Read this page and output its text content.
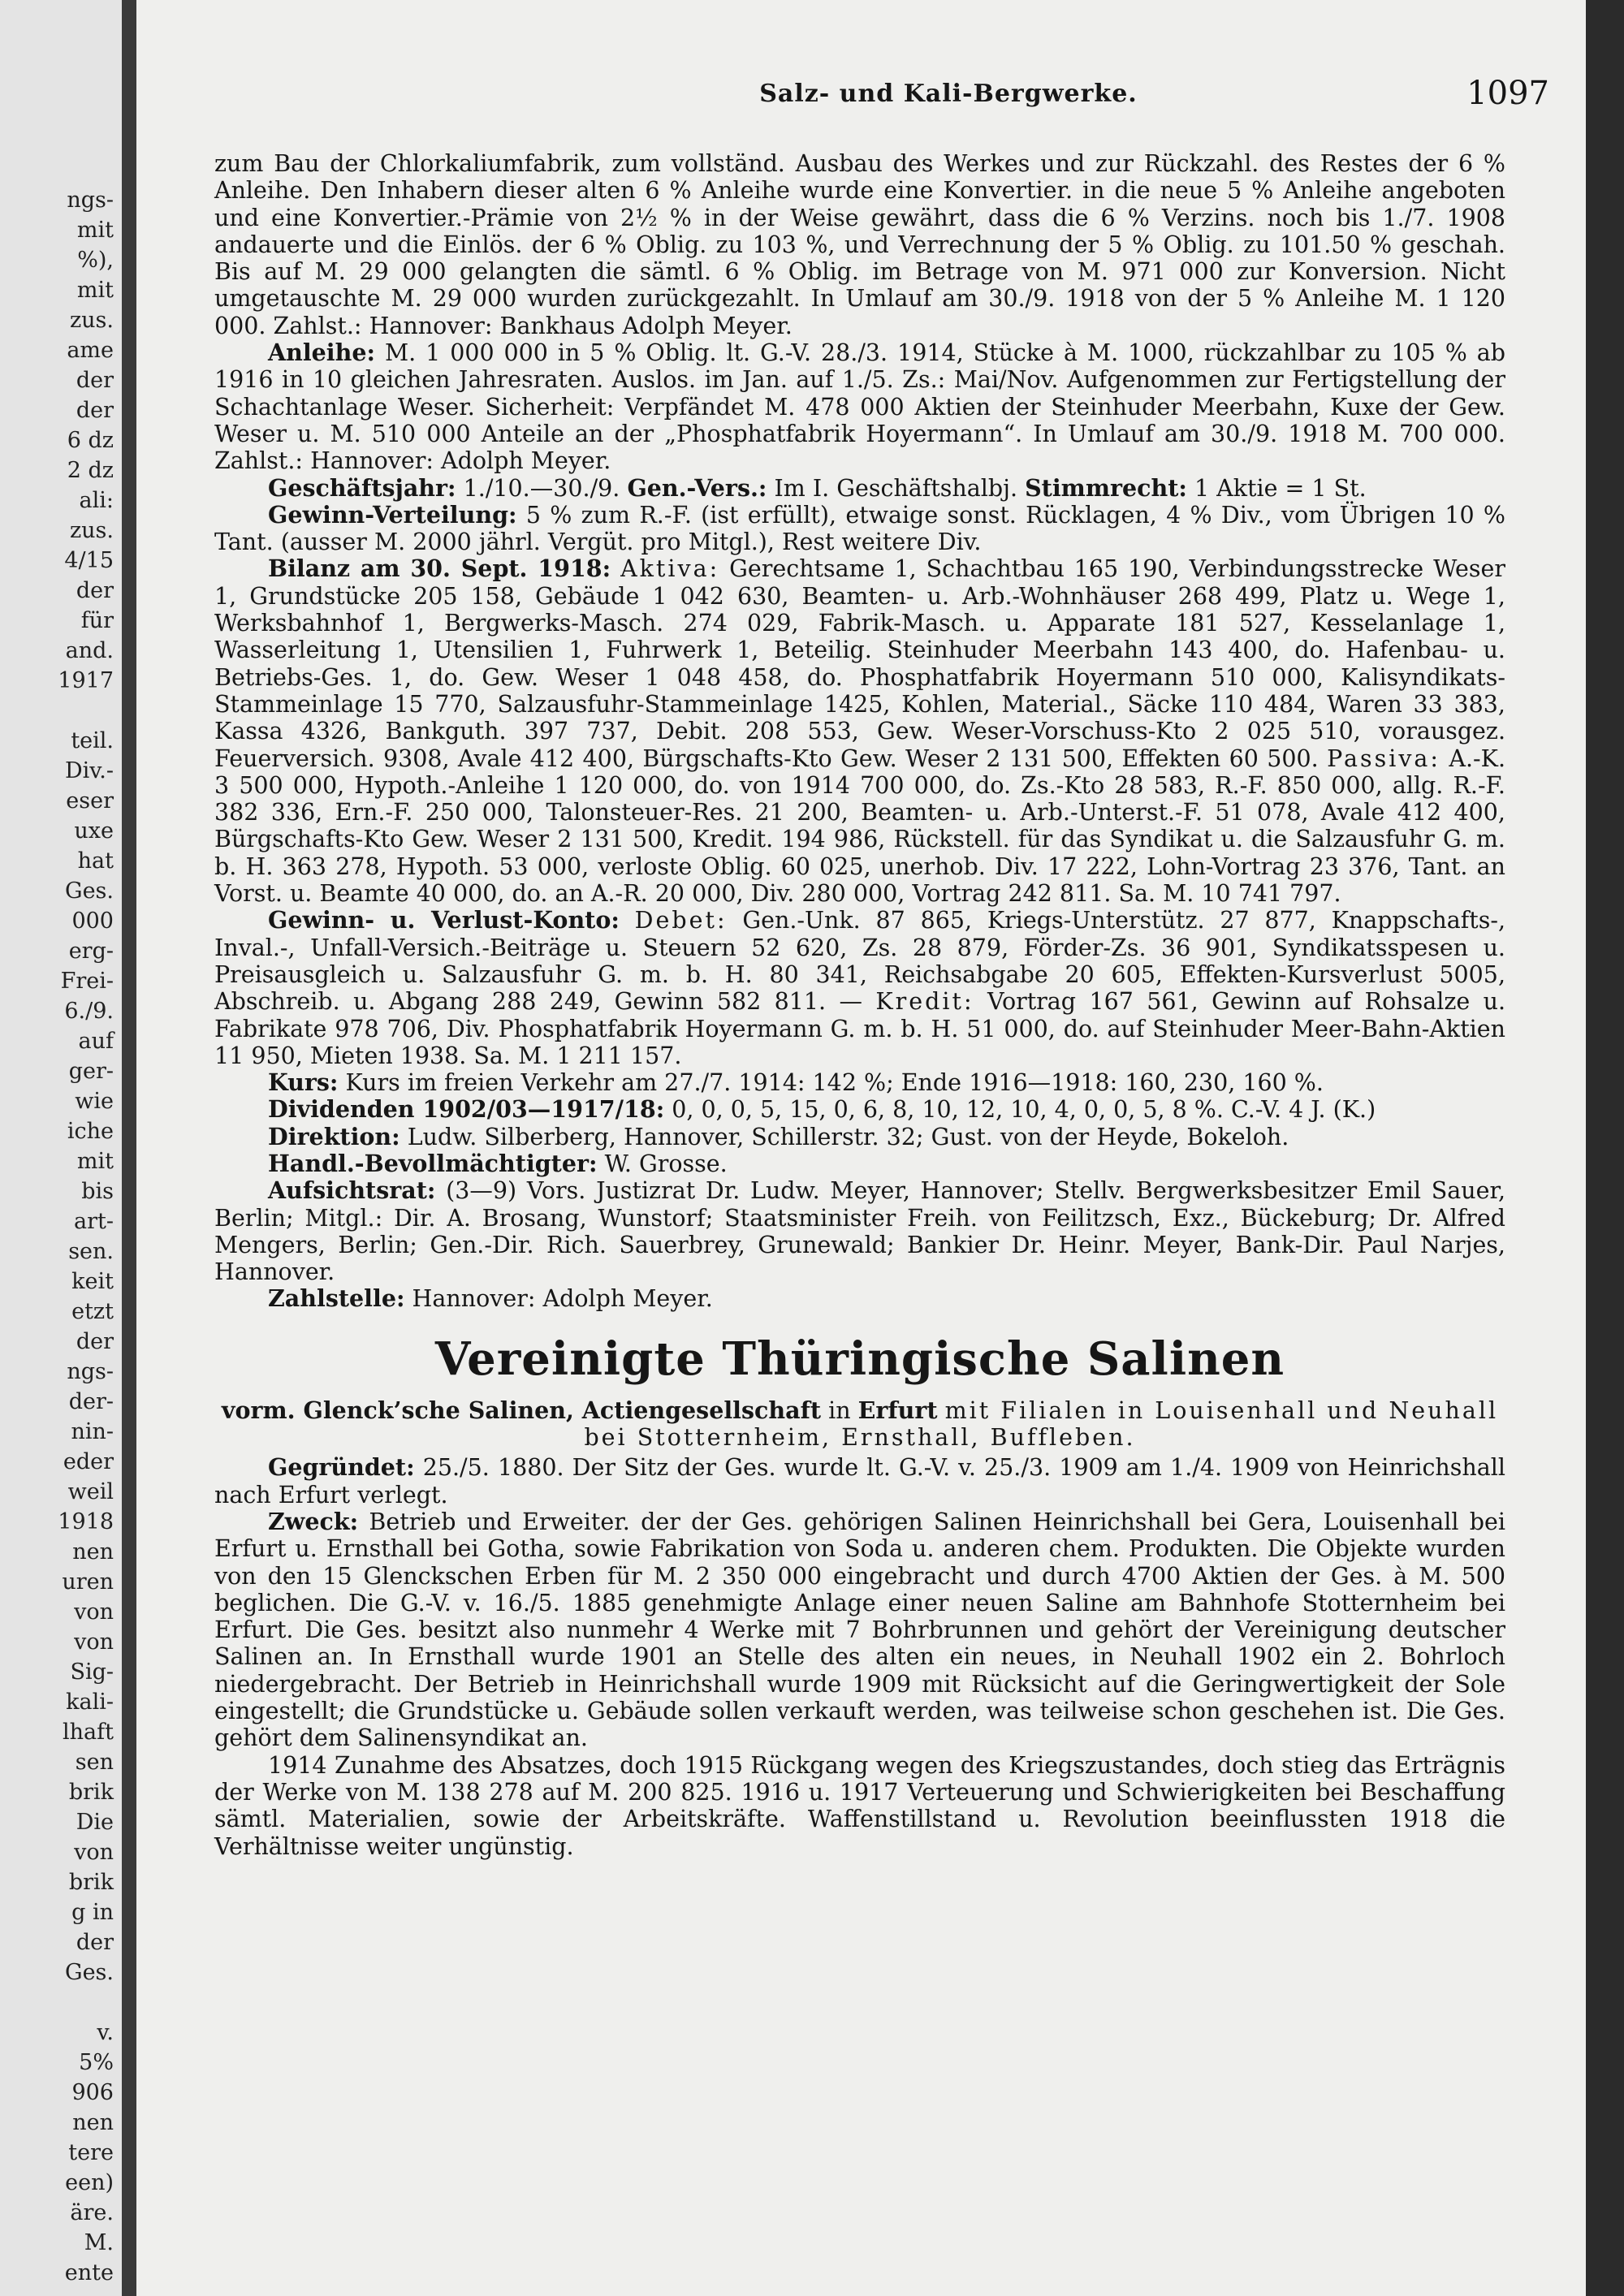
ngs-
mit
%),
mit
zus.
ame
der
der
6 dz
2 dz
ali:
zus.
4/15
der
für
and.
1917
teil.
Div.-
eser
uxe
hat
Ges.
000
erg-
Frei-
6./9.
auf
ger-
wie
iche
mit
bis
art-
sen.
keit
etzt
der
ngs-
der-
nin-
eder
weil
1918
nen
uren
von
von
Sig-
kali-
lhaft
sen
brik
Die
von
brik
g in
der
Ges.
v.
5%
906
nen
tere
een)
äre.
M.
ente
Salz- und Kali-Bergwerke.	1097

zum Bau der Chlorkaliumfabrik, zum vollständ. Ausbau des Werkes und zur Rückzahl. des Restes der 6 % Anleihe. Den Inhabern dieser alten 6 % Anleihe wurde eine Konvertier. in die neue 5 % Anleihe angeboten und eine Konvertier.-Prämie von 2½ % in der Weise gewährt, dass die 6 % Verzins. noch bis 1./7. 1908 andauerte und die Einlös. der 6 % Oblig. zu 103 %, und Verrechnung der 5 % Oblig. zu 101.50 % geschah. Bis auf M. 29 000 gelangten die sämtl. 6 % Oblig. im Betrage von M. 971 000 zur Konversion. Nicht umgetauschte M. 29 000 wurden zurückgezahlt. In Umlauf am 30./9. 1918 von der 5 % Anleihe M. 1 120 000. Zahlst.: Hannover: Bankhaus Adolph Meyer.

Anleihe: M. 1 000 000 in 5 % Oblig. lt. G.-V. 28./3. 1914, Stücke à M. 1000, rückzahlbar zu 105 % ab 1916 in 10 gleichen Jahresraten. Auslos. im Jan. auf 1./5. Zs.: Mai/Nov. Aufgenommen zur Fertigstellung der Schachtanlage Weser. Sicherheit: Verpfändet M. 478 000 Aktien der Steinhuder Meerbahn, Kuxe der Gew. Weser u. M. 510 000 Anteile an der „Phosphatfabrik Hoyermann“. In Umlauf am 30./9. 1918 M. 700 000. Zahlst.: Hannover: Adolph Meyer.

Geschäftsjahr: 1./10.—30./9. Gen.-Vers.: Im I. Geschäftshalbj. Stimmrecht: 1 Aktie = 1 St.

Gewinn-Verteilung: 5 % zum R.-F. (ist erfüllt), etwaige sonst. Rücklagen, 4 % Div., vom Übrigen 10 % Tant. (ausser M. 2000 jährl. Vergüt. pro Mitgl.), Rest weitere Div.

Bilanz am 30. Sept. 1918: Aktiva: Gerechtsame 1, Schachtbau 165 190, Verbindungsstrecke Weser 1, Grundstücke 205 158, Gebäude 1 042 630, Beamten- u. Arb.-Wohnhäuser 268 499, Platz u. Wege 1, Werksbahnhof 1, Bergwerks-Masch. 274 029, Fabrik-Masch. u. Apparate 181 527, Kesselanlage 1, Wasserleitung 1, Utensilien 1, Fuhrwerk 1, Beteilig. Steinhuder Meerbahn 143 400, do. Hafenbau- u. Betriebs-Ges. 1, do. Gew. Weser 1 048 458, do. Phosphatfabrik Hoyermann 510 000, Kalisyndikats-Stammeinlage 15 770, Salzausfuhr-Stammeinlage 1425, Kohlen, Material., Säcke 110 484, Waren 33 383, Kassa 4326, Bankguth. 397 737, Debit. 208 553, Gew. Weser-Vorschuss-Kto 2 025 510, vorausgez. Feuerversich. 9308, Avale 412 400, Bürgschafts-Kto Gew. Weser 2 131 500, Effekten 60 500. Passiva: A.-K. 3 500 000, Hypoth.-Anleihe 1 120 000, do. von 1914 700 000, do. Zs.-Kto 28 583, R.-F. 850 000, allg. R.-F. 382 336, Ern.-F. 250 000, Talonsteuer-Res. 21 200, Beamten- u. Arb.-Unterst.-F. 51 078, Avale 412 400, Bürgschafts-Kto Gew. Weser 2 131 500, Kredit. 194 986, Rückstell. für das Syndikat u. die Salzausfuhr G. m. b. H. 363 278, Hypoth. 53 000, verloste Oblig. 60 025, unerhob. Div. 17 222, Lohn-Vortrag 23 376, Tant. an Vorst. u. Beamte 40 000, do. an A.-R. 20 000, Div. 280 000, Vortrag 242 811. Sa. M. 10 741 797.

Gewinn- u. Verlust-Konto: Debet: Gen.-Unk. 87 865, Kriegs-Unterstütz. 27 877, Knappschafts-, Inval.-, Unfall-Versich.-Beiträge u. Steuern 52 620, Zs. 28 879, Förder-Zs. 36 901, Syndikatsspesen u. Preisausgleich u. Salzausfuhr G. m. b. H. 80 341, Reichsabgabe 20 605, Effekten-Kursverlust 5005, Abschreib. u. Abgang 288 249, Gewinn 582 811. — Kredit: Vortrag 167 561, Gewinn auf Rohsalze u. Fabrikate 978 706, Div. Phosphatfabrik Hoyermann G. m. b. H. 51 000, do. auf Steinhuder Meer-Bahn-Aktien 11 950, Mieten 1938. Sa. M. 1 211 157.

Kurs: Kurs im freien Verkehr am 27./7. 1914: 142 %; Ende 1916—1918: 160, 230, 160 %.

Dividenden 1902/03—1917/18: 0, 0, 0, 5, 15, 0, 6, 8, 10, 12, 10, 4, 0, 0, 5, 8 %. C.-V. 4 J. (K.)

Direktion: Ludw. Silberberg, Hannover, Schillerstr. 32; Gust. von der Heyde, Bokeloh.

Handl.-Bevollmächtigter: W. Grosse.

Aufsichtsrat: (3—9) Vors. Justizrat Dr. Ludw. Meyer, Hannover; Stellv. Bergwerksbesitzer Emil Sauer, Berlin; Mitgl.: Dir. A. Brosang, Wunstorf; Staatsminister Freih. von Feilitzsch, Exz., Bückeburg; Dr. Alfred Mengers, Berlin; Gen.-Dir. Rich. Sauerbrey, Grunewald; Bankier Dr. Heinr. Meyer, Bank-Dir. Paul Narjes, Hannover.

Zahlstelle: Hannover: Adolph Meyer.

Vereinigte Thüringische Salinen
vorm. Glenck’sche Salinen, Actiengesellschaft in Erfurt mit Filialen in Louisenhall und Neuhall bei Stotternheim, Ernsthall, Buffleben.

Gegründet: 25./5. 1880. Der Sitz der Ges. wurde lt. G.-V. v. 25./3. 1909 am 1./4. 1909 von Heinrichshall nach Erfurt verlegt.

Zweck: Betrieb und Erweiter. der der Ges. gehörigen Salinen Heinrichshall bei Gera, Louisenhall bei Erfurt u. Ernsthall bei Gotha, sowie Fabrikation von Soda u. anderen chem. Produkten. Die Objekte wurden von den 15 Glenckschen Erben für M. 2 350 000 eingebracht und durch 4700 Aktien der Ges. à M. 500 beglichen. Die G.-V. v. 16./5. 1885 genehmigte Anlage einer neuen Saline am Bahnhofe Stotternheim bei Erfurt. Die Ges. besitzt also nunmehr 4 Werke mit 7 Bohrbrunnen und gehört der Vereinigung deutscher Salinen an. In Ernsthall wurde 1901 an Stelle des alten ein neues, in Neuhall 1902 ein 2. Bohrloch niedergebracht. Der Betrieb in Heinrichshall wurde 1909 mit Rücksicht auf die Geringwertigkeit der Sole eingestellt; die Grundstücke u. Gebäude sollen verkauft werden, was teilweise schon geschehen ist. Die Ges. gehört dem Salinensyndikat an.

1914 Zunahme des Absatzes, doch 1915 Rückgang wegen des Kriegszustandes, doch stieg das Erträgnis der Werke von M. 138 278 auf M. 200 825. 1916 u. 1917 Verteuerung und Schwierigkeiten bei Beschaffung sämtl. Materialien, sowie der Arbeitskräfte. Waffenstillstand u. Revolution beeinflussten 1918 die Verhältnisse weiter ungünstig.
